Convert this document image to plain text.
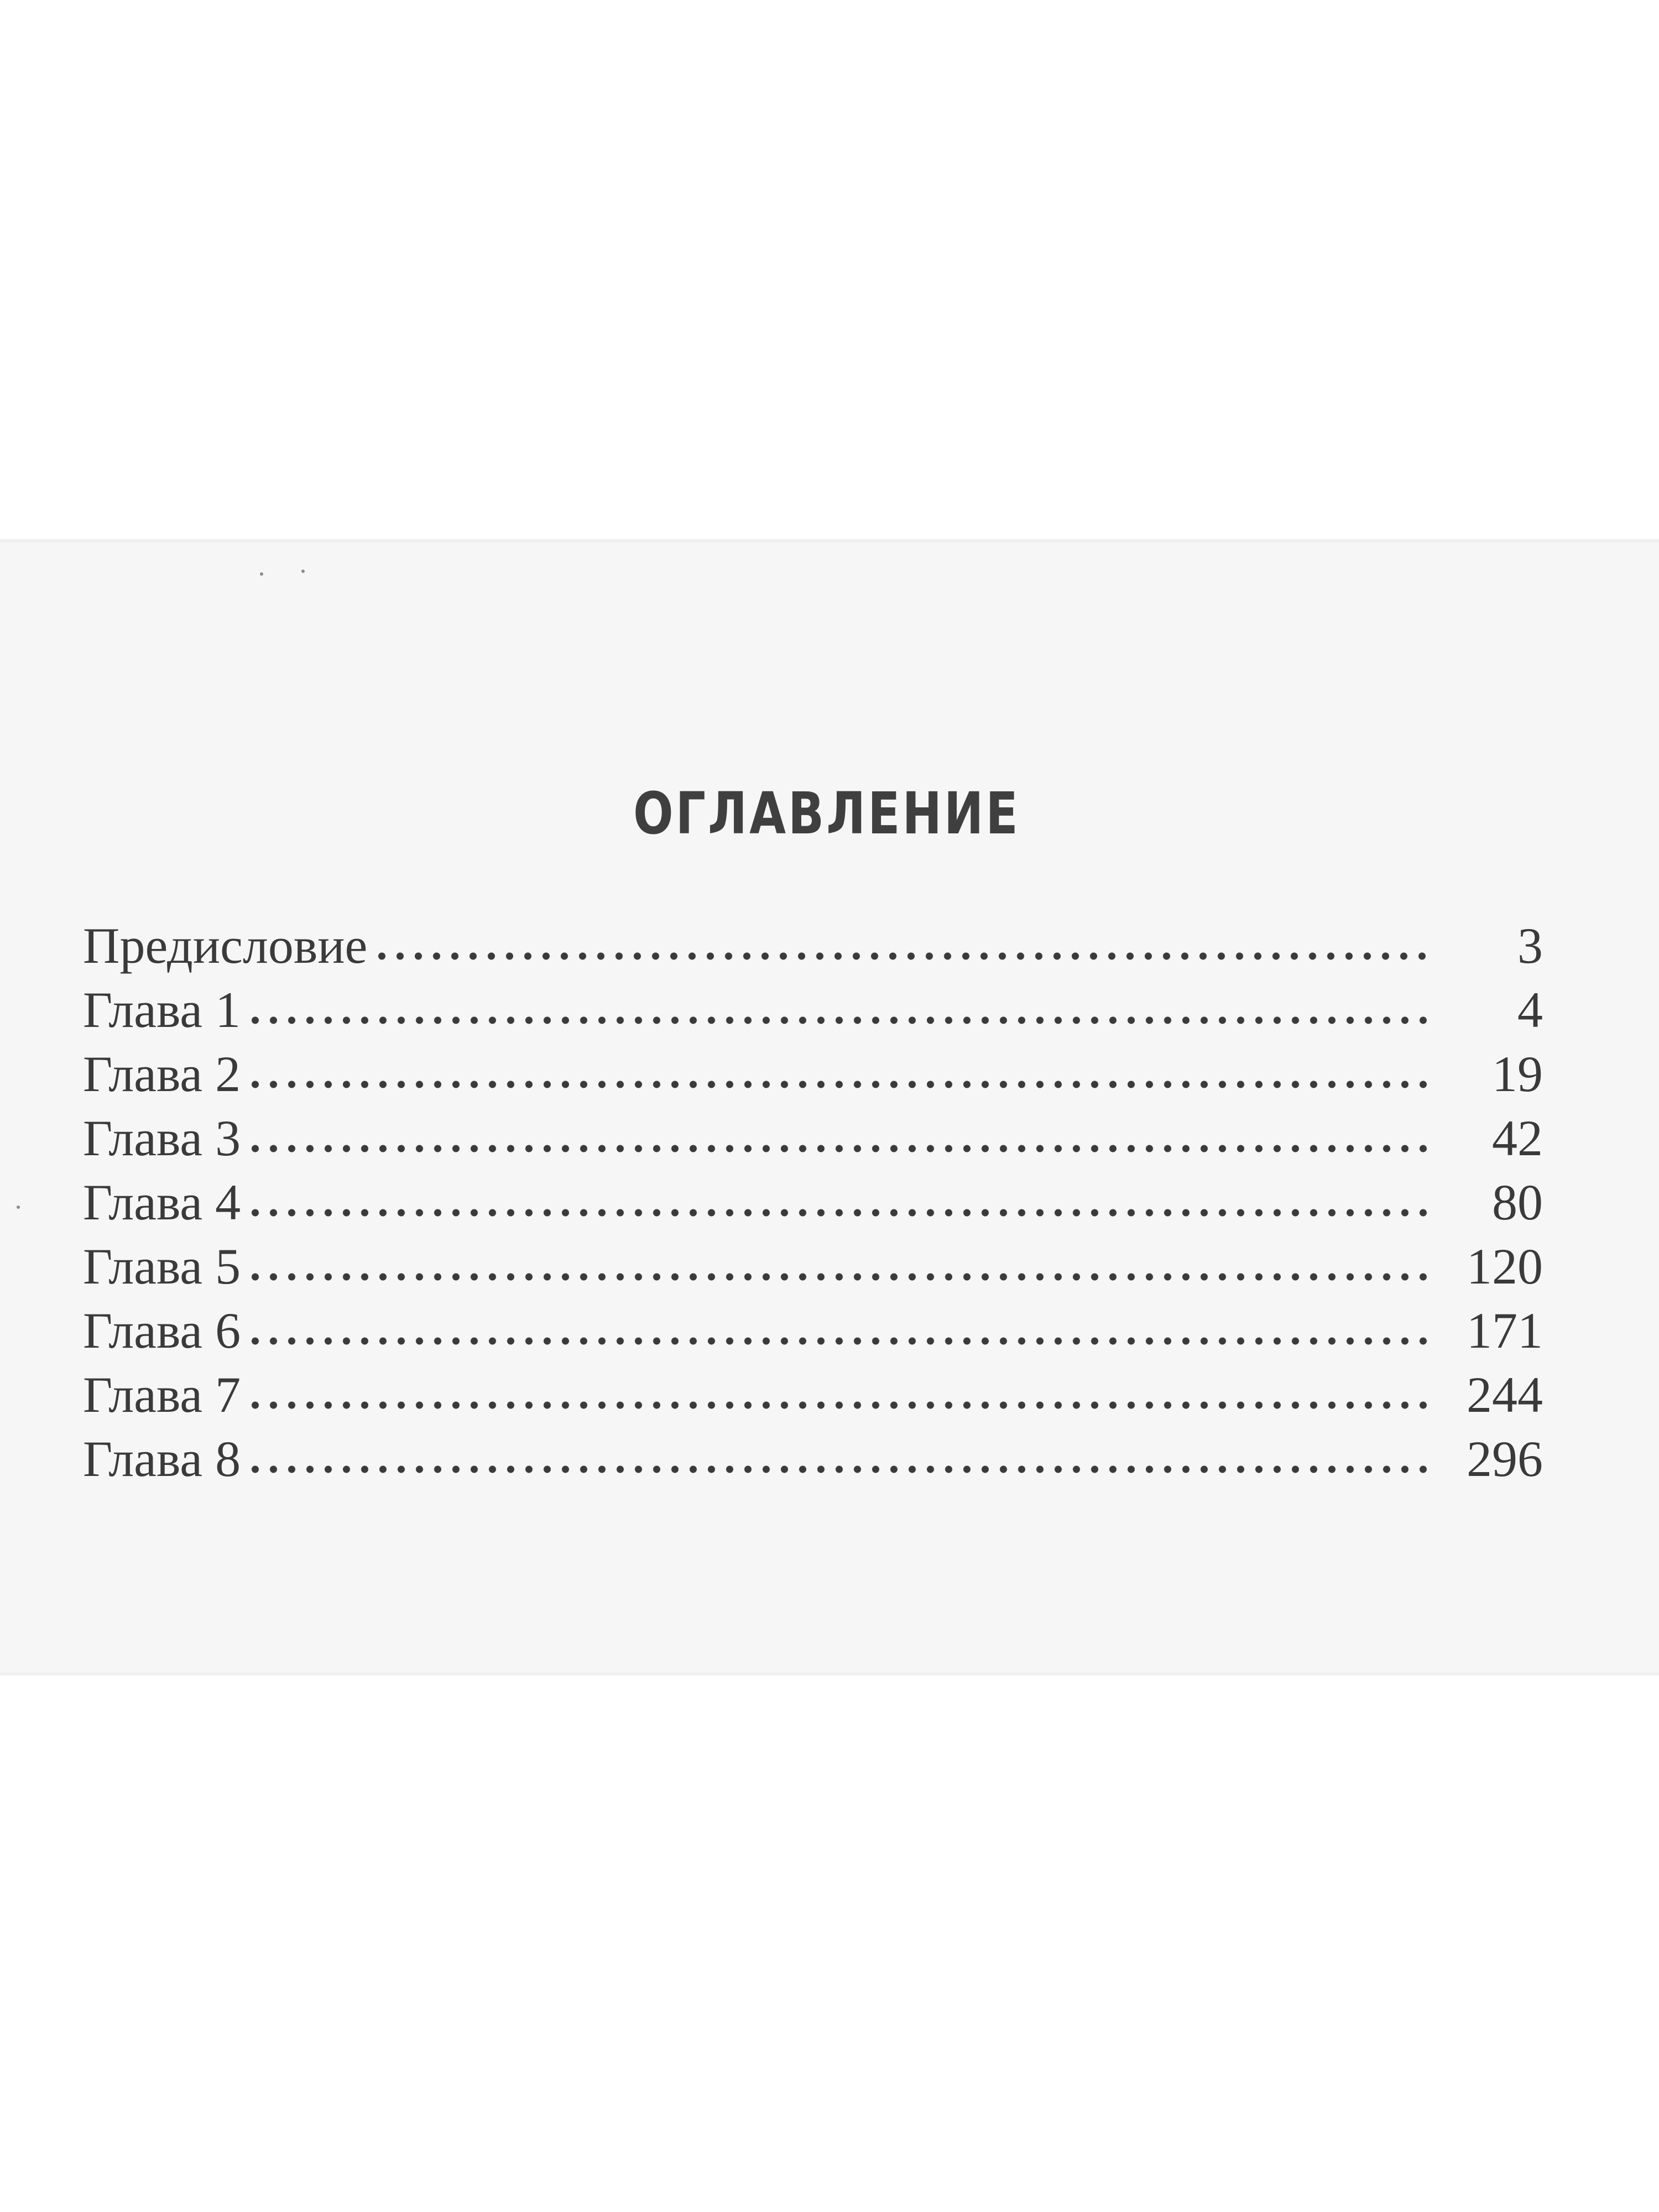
ОГЛАВЛЕНИЕ
Предисловие	3
Глава 1	4
Глава 2	19
Глава 3	42
Глава 4	80
Глава 5	120
Глава 6	171
Глава 7	244
Глава 8	296
